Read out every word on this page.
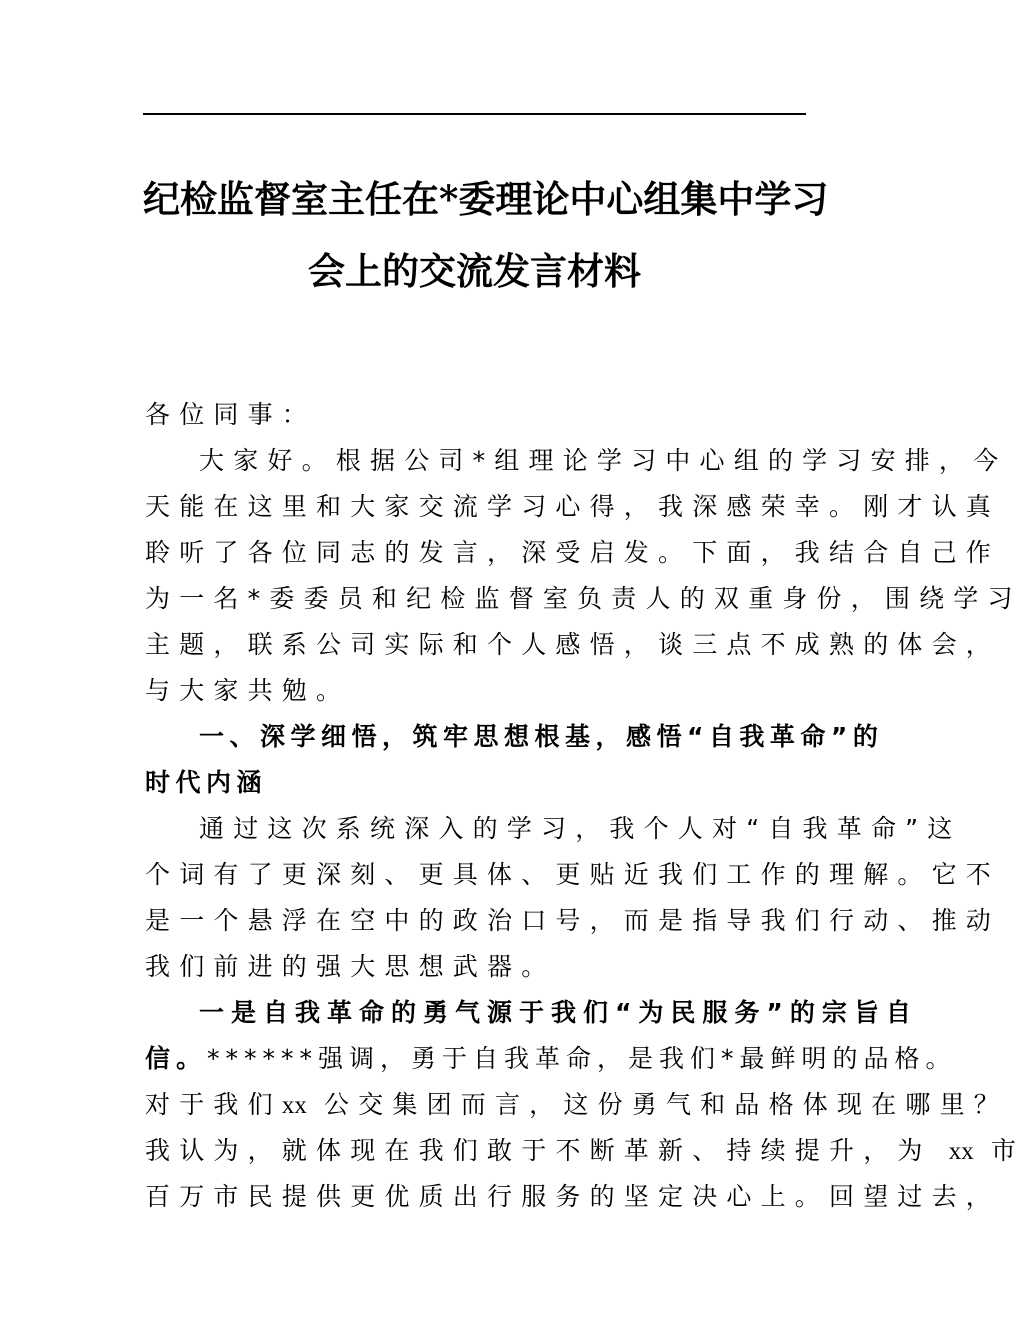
纪检监督室主任在*委理论中心组集中学习
会上的交流发言材料
各位同事：
大家好。根据公司*组理论学习中心组的学习安排，今
天能在这里和大家交流学习心得，我深感荣幸。刚才认真
聆听了各位同志的发言，深受启发。下面，我结合自己作
为一名*委委员和纪检监督室负责人的双重身份，围绕学习
主题，联系公司实际和个人感悟，谈三点不成熟的体会，
与大家共勉。
一、深学细悟，筑牢思想根基，感悟“自我革命”的
时代内涵
通过这次系统深入的学习，我个人对“自我革命”这
个词有了更深刻、更具体、更贴近我们工作的理解。它不
是一个悬浮在空中的政治口号，而是指导我们行动、推动
我们前进的强大思想武器。
一是自我革命的勇气源于我们“为民服务”的宗旨自
信。******强调，勇于自我革命，是我们*最鲜明的品格。
对于我们xx 公交集团而言，这份勇气和品格体现在哪里？
我认为，就体现在我们敢于不断革新、持续提升，为 xx 市
百万市民提供更优质出行服务的坚定决心上。回望过去，
